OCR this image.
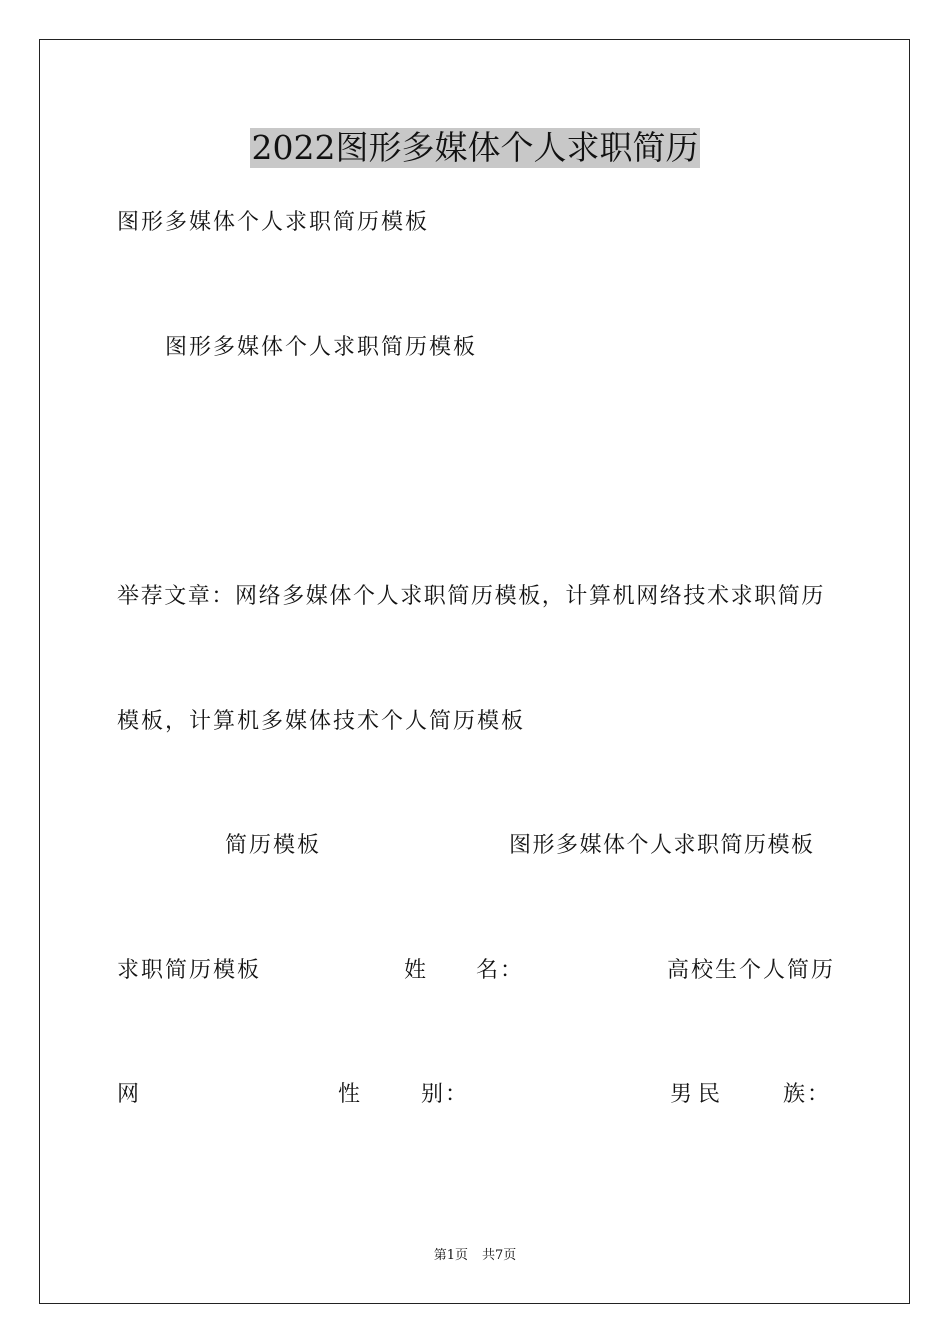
2022图形多媒体个人求职简历
图形多媒体个人求职简历模板
图形多媒体个人求职简历模板
举荐文章：网络多媒体个人求职简历模板，计算机网络技术求职简历
模板，计算机多媒体技术个人简历模板
简历模板	图形多媒体个人求职简历模板
求职简历模板	姓 名：	高校生个人简历
网	性	别：	男 民	族：
第1页 共7页
